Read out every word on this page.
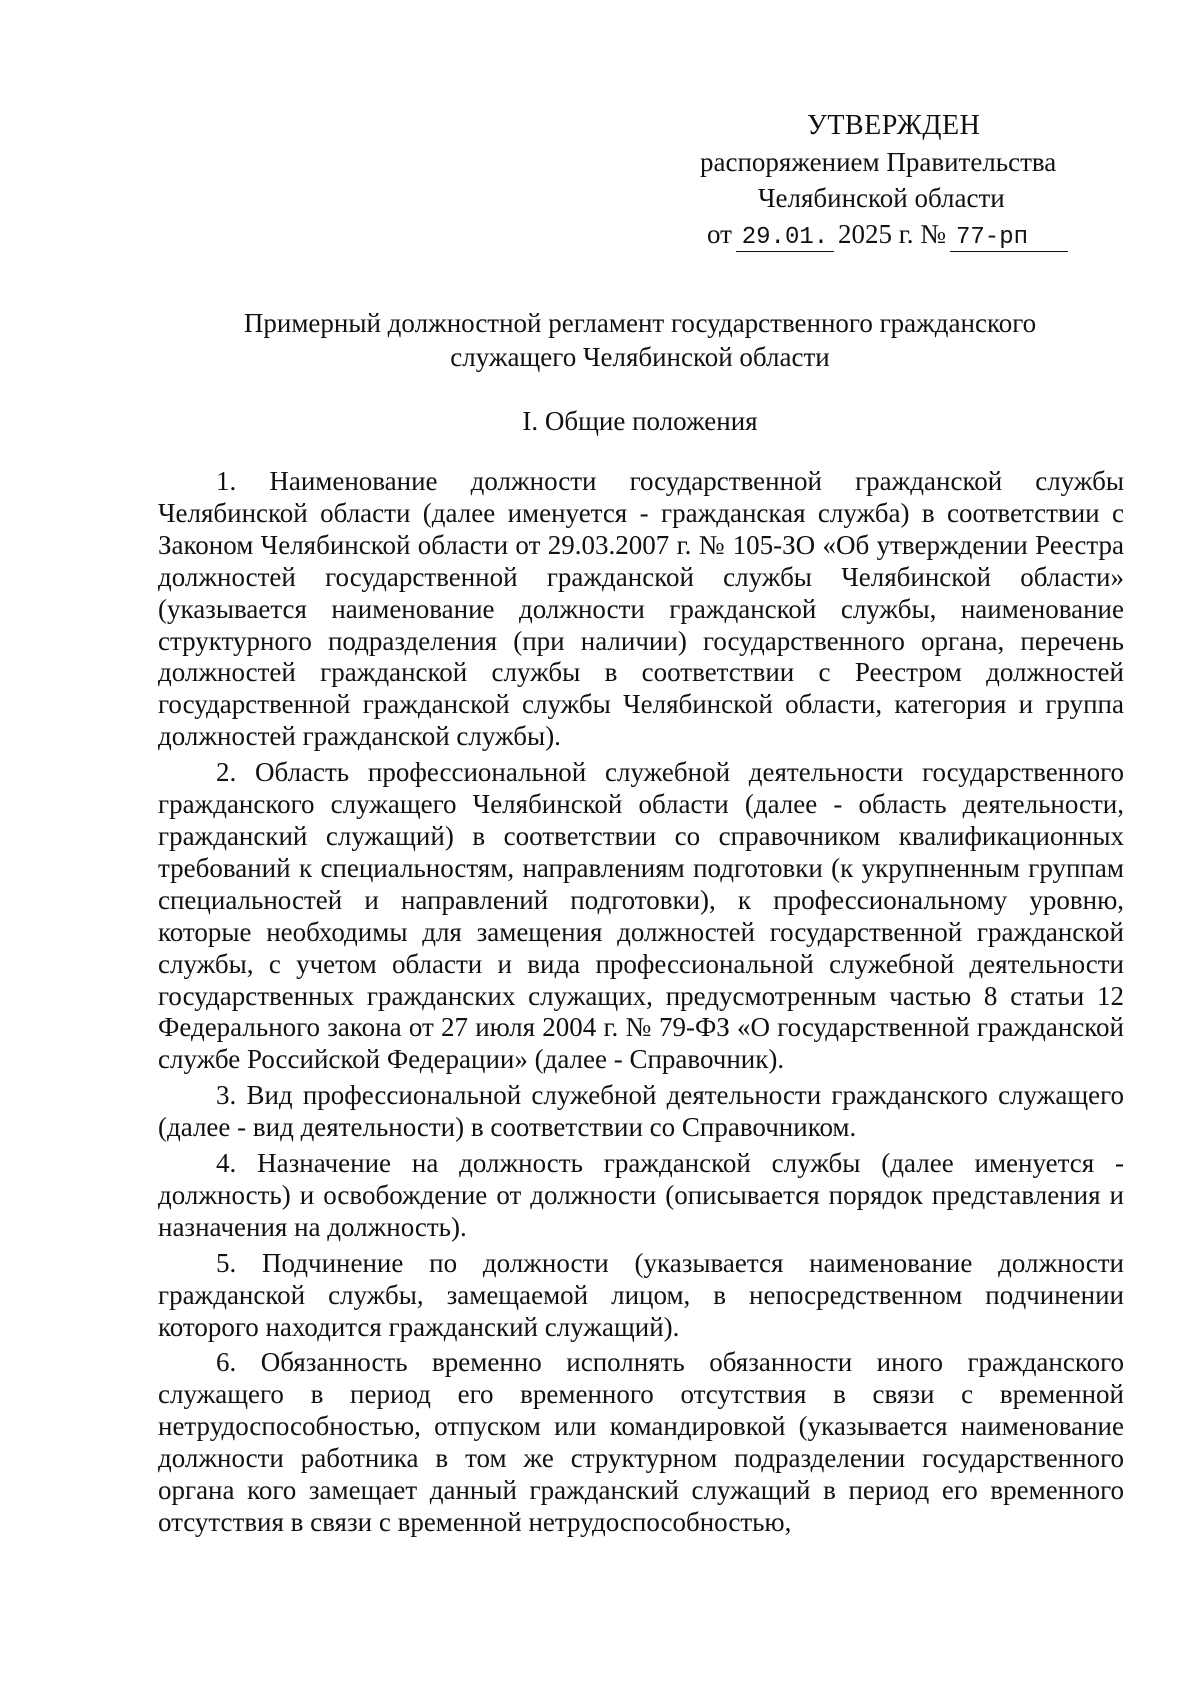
УТВЕРЖДЕН
распоряжением Правительства
Челябинской области
от 29.01. 2025 г. № 77-рп
Примерный должностной регламент государственного гражданского
служащего Челябинской области
I. Общие положения

1. Наименование должности государственной гражданской службы Челябинской области (далее именуется - гражданская служба) в соответствии с Законом Челябинской области от 29.03.2007 г. № 105-ЗО «Об утверждении Реестра должностей государственной гражданской службы Челябинской области» (указывается наименование должности гражданской службы, наименование структурного подразделения (при наличии) государственного органа, перечень должностей гражданской службы в соответствии с Реестром должностей государственной гражданской службы Челябинской области, категория и группа должностей гражданской службы).

2. Область профессиональной служебной деятельности государственного гражданского служащего Челябинской области (далее - область деятельности, гражданский служащий) в соответствии со справочником квалификационных требований к специальностям, направлениям подготовки (к укрупненным группам специальностей и направлений подготовки), к профессиональному уровню, которые необходимы для замещения должностей государственной гражданской службы, с учетом области и вида профессиональной служебной деятельности государственных гражданских служащих, предусмотренным частью 8 статьи 12 Федерального закона от 27 июля 2004 г. № 79-ФЗ «О государственной гражданской службе Российской Федерации» (далее - Справочник).

3. Вид профессиональной служебной деятельности гражданского служащего (далее - вид деятельности) в соответствии со Справочником.

4. Назначение на должность гражданской службы (далее именуется - должность) и освобождение от должности (описывается порядок представления и назначения на должность).

5. Подчинение по должности (указывается наименование должности гражданской службы, замещаемой лицом, в непосредственном подчинении которого находится гражданский служащий).

6. Обязанность временно исполнять обязанности иного гражданского служащего в период его временного отсутствия в связи с временной нетрудоспособностью, отпуском или командировкой (указывается наименование должности работника в том же структурном подразделении государственного органа кого замещает данный гражданский служащий в период его временного отсутствия в связи с временной нетрудоспособностью,
